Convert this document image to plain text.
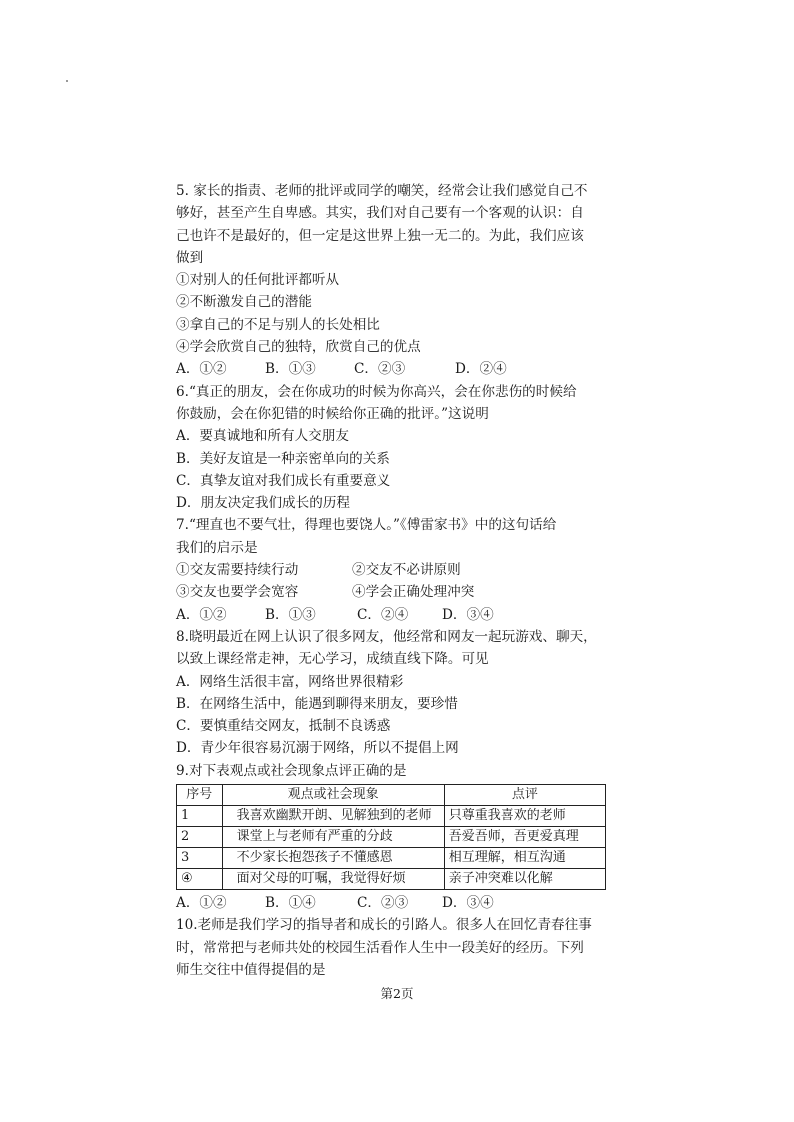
5. 家长的指责、老师的批评或同学的嘲笑，经常会让我们感觉自己不
够好，甚至产生自卑感。其实，我们对自己要有一个客观的认识：自
己也许不是最好的，但一定是这世界上独一无二的。为此，我们应该
做到
①对别人的任何批评都听从
②不断激发自己的潜能
③拿自己的不足与别人的长处相比
④学会欣赏自己的独特，欣赏自己的优点
A．①②	B．①③	C．②③	D．②④
6.“真正的朋友，会在你成功的时候为你高兴，会在你悲伤的时候给
你鼓励，会在你犯错的时候给你正确的批评。”这说明
A．要真诚地和所有人交朋友
B．美好友谊是一种亲密单向的关系
C．真挚友谊对我们成长有重要意义
D．朋友决定我们成长的历程
7.“理直也不要气壮，得理也要饶人。”《傅雷家书》中的这句话给
我们的启示是
①交友需要持续行动	②交友不必讲原则
③交友也要学会宽容	④学会正确处理冲突
A．①②	B．①③	C．②④ D．③④
8.晓明最近在网上认识了很多网友，他经常和网友一起玩游戏、聊天，
以致上课经常走神，无心学习，成绩直线下降。可见
A．网络生活很丰富，网络世界很精彩
B．在网络生活中，能遇到聊得来朋友，要珍惜
C．要慎重结交网友，抵制不良诱惑
D．青少年很容易沉溺于网络，所以不提倡上网
9.对下表观点或社会现象点评正确的是
序号	观点或社会现象	点评
1	我喜欢幽默开朗、见解独到的老师	只尊重我喜欢的老师
2	课堂上与老师有严重的分歧	吾爱吾师，吾更爱真理
3	不少家长抱怨孩子不懂感恩	相互理解，相互沟通
④	面对父母的叮嘱，我觉得好烦	亲子冲突难以化解
A．①②	B．①④	C．②③ D．③④
10.老师是我们学习的指导者和成长的引路人。很多人在回忆青春往事
时，常常把与老师共处的校园生活看作人生中一段美好的经历。下列
师生交往中值得提倡的是
第2页
